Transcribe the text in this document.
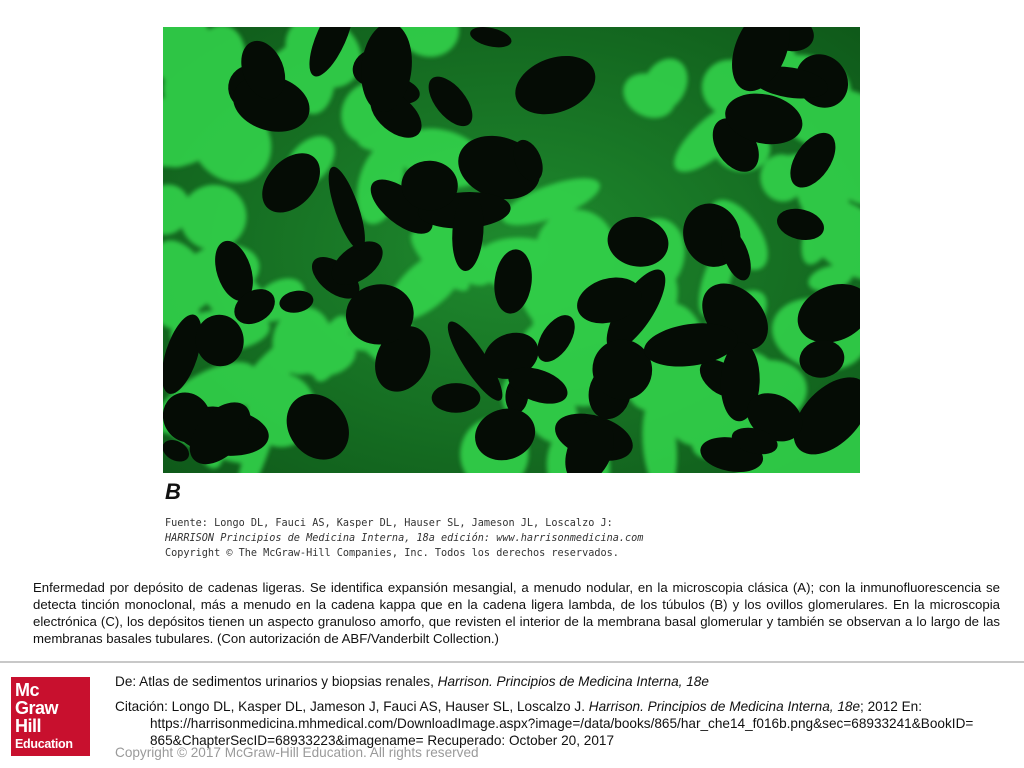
B
Fuente: Longo DL, Fauci AS, Kasper DL, Hauser SL, Jameson JL, Loscalzo J:
HARRISON Principios de Medicina Interna, 18a edición: www.harrisonmedicina.com
Copyright © The McGraw-Hill Companies, Inc. Todos los derechos reservados.
Enfermedad por depósito de cadenas ligeras. Se identifica expansión mesangial, a menudo nodular, en la microscopia clásica (A); con la inmunofluorescencia se detecta tinción monoclonal, más a menudo en la cadena kappa que en la cadena ligera lambda, de los túbulos (B) y los ovillos glomerulares. En la microscopia electrónica (C), los depósitos tienen un aspecto granuloso amorfo, que revisten el interior de la membrana basal glomerular y también se observan a lo largo de las membranas basales tubulares. (Con autorización de ABF/Vanderbilt Collection.)
Mc
Graw
Hill
Education
De: Atlas de sedimentos urinarios y biopsias renales, Harrison. Principios de Medicina Interna, 18e
Citación: Longo DL, Kasper DL, Jameson J, Fauci AS, Hauser SL, Loscalzo J. Harrison. Principios de Medicina Interna, 18e; 2012 En:
https://harrisonmedicina.mhmedical.com/DownloadImage.aspx?image=/data/books/865/har_che14_f016b.png&sec=68933241&BookID=
865&ChapterSecID=68933223&imagename= Recuperado: October 20, 2017
Copyright © 2017 McGraw-Hill Education. All rights reserved
